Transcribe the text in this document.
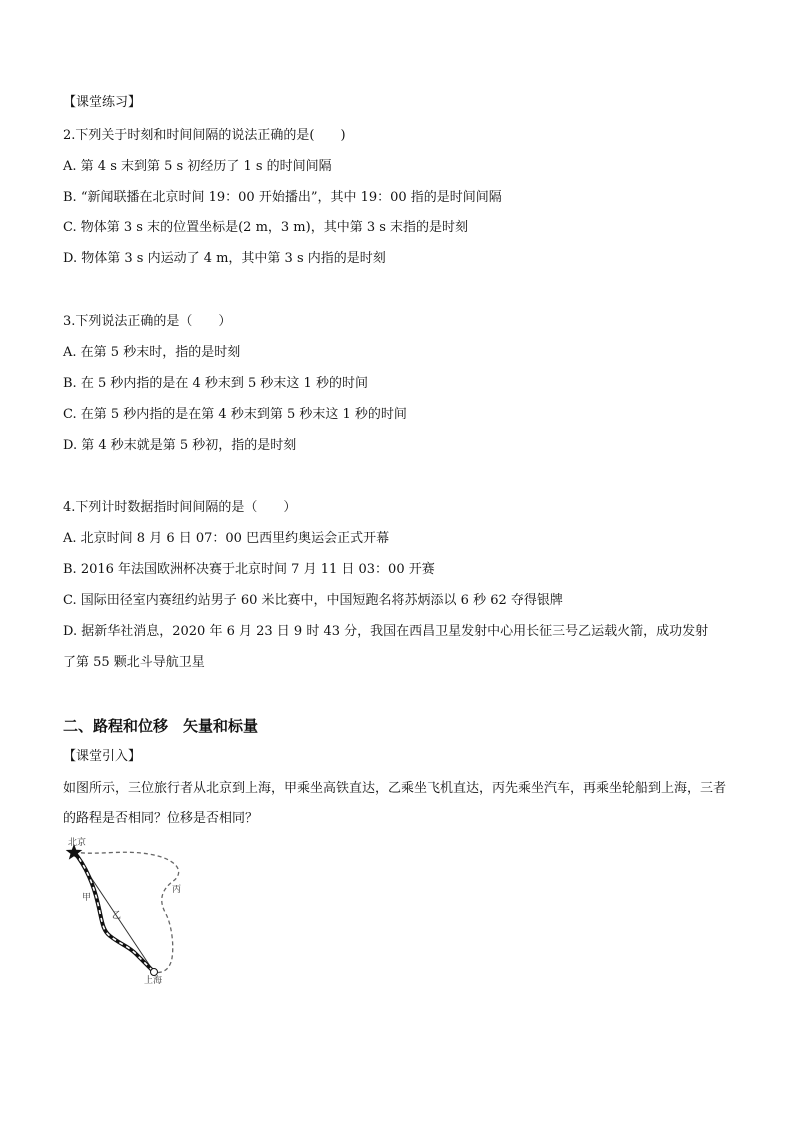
【课堂练习】
2.下列关于时刻和时间间隔的说法正确的是(　　)
A. 第 4 s 末到第 5 s 初经历了 1 s 的时间间隔
B. “新闻联播在北京时间 19：00 开始播出”，其中 19：00 指的是时间间隔
C. 物体第 3 s 末的位置坐标是(2 m，3 m)，其中第 3 s 末指的是时刻
D. 物体第 3 s 内运动了 4 m，其中第 3 s 内指的是时刻
3.下列说法正确的是（　　）
A. 在第 5 秒末时，指的是时刻
B. 在 5 秒内指的是在 4 秒末到 5 秒末这 1 秒的时间
C. 在第 5 秒内指的是在第 4 秒末到第 5 秒末这 1 秒的时间
D. 第 4 秒末就是第 5 秒初，指的是时刻
4.下列计时数据指时间间隔的是（　　）
A. 北京时间 8 月 6 日 07：00 巴西里约奥运会正式开幕
B. 2016 年法国欧洲杯决赛于北京时间 7 月 11 日 03：00 开赛
C. 国际田径室内赛纽约站男子 60 米比赛中，中国短跑名将苏炳添以 6 秒 62 夺得银牌
D. 据新华社消息，2020 年 6 月 23 日 9 时 43 分，我国在西昌卫星发射中心用长征三号乙运载火箭，成功发射
了第 55 颗北斗导航卫星
二、路程和位移　矢量和标量
【课堂引入】
如图所示，三位旅行者从北京到上海，甲乘坐高铁直达，乙乘坐飞机直达，丙先乘坐汽车，再乘坐轮船到上海，三者的路程是否相同？位移是否相同？
北京
上海
甲
乙
丙
